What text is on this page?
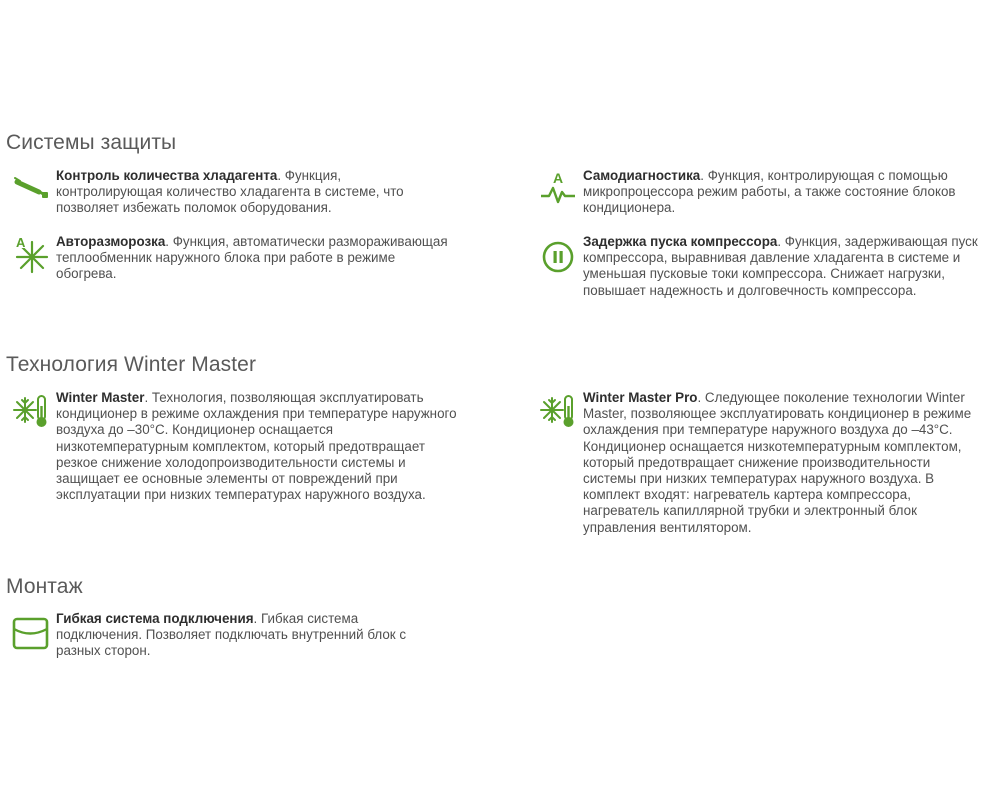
Системы защиты
Контроль количества хладагента. Функция, контролирующая количество хладагента в системе, что позволяет избежать поломок оборудования.
A Самодиагностика. Функция, контролирующая с помощью микропроцессора режим работы, а также состояние блоков кондиционера.
A Авторазморозка. Функция, автоматически размораживающая теплообменник наружного блока при работе в режиме обогрева.
Задержка пуска компрессора. Функция, задерживающая пуск компрессора, выравнивая давление хладагента в системе и уменьшая пусковые токи компрессора. Снижает нагрузки, повышает надежность и долговечность компрессора.
Технология Winter Master
Winter Master. Технология, позволяющая эксплуатировать кондиционер в режиме охлаждения при температуре наружного воздуха до –30°C. Кондиционер оснащается низкотемпературным комплектом, который предотвращает резкое снижение холодопроизводительности системы и защищает ее основные элементы от повреждений при эксплуатации при низких температурах наружного воздуха.
Winter Master Pro. Следующее поколение технологии Winter Master, позволяющее эксплуатировать кондиционер в режиме охлаждения при температуре наружного воздуха до –43°C. Кондиционер оснащается низкотемпературным комплектом, который предотвращает снижение производительности системы при низких температурах наружного воздуха. В комплект входят: нагреватель картера компрессора, нагреватель капиллярной трубки и электронный блок управления вентилятором.
Монтаж
Гибкая система подключения. Гибкая система подключения. Позволяет подключать внутренний блок с разных сторон.
